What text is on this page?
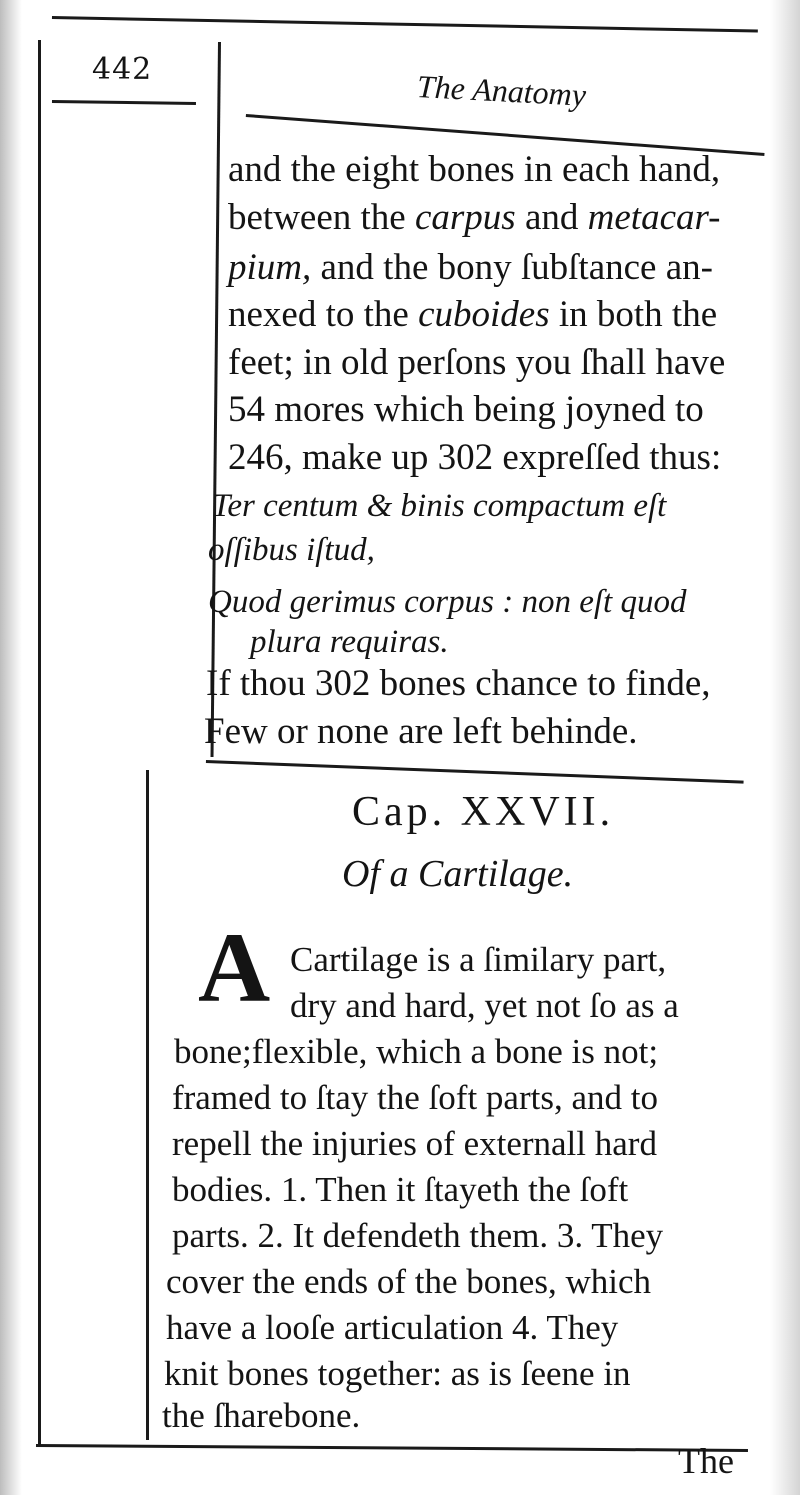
442	The Anatomy
and the eight bones in each hand,
between the carpus and metacar-
pium, and the bony ſubſtance an-
nexed to the cuboides in both the
feet; in old perſons you ſhall have
54 mores which being joyned to
246, make up 302 expreſſed thus:
Ter centum & binis compactum eſt
oſſibus iſtud,
Quod gerimus corpus : non eſt quod
plura requiras.
If thou 302 bones chance to finde,
Few or none are left behinde.
Cap. XXVII.
Of a Cartilage.
A Cartilage is a ſimilary part,
dry and hard, yet not ſo as a
bone;flexible, which a bone is not;
framed to ſtay the ſoft parts, and to
repell the injuries of externall hard
bodies. 1. Then it ſtayeth the ſoft
parts. 2. It defendeth them. 3. They
cover the ends of the bones, which
have a looſe articulation 4. They
knit bones together: as is ſeene in
the ſharebone.
The
